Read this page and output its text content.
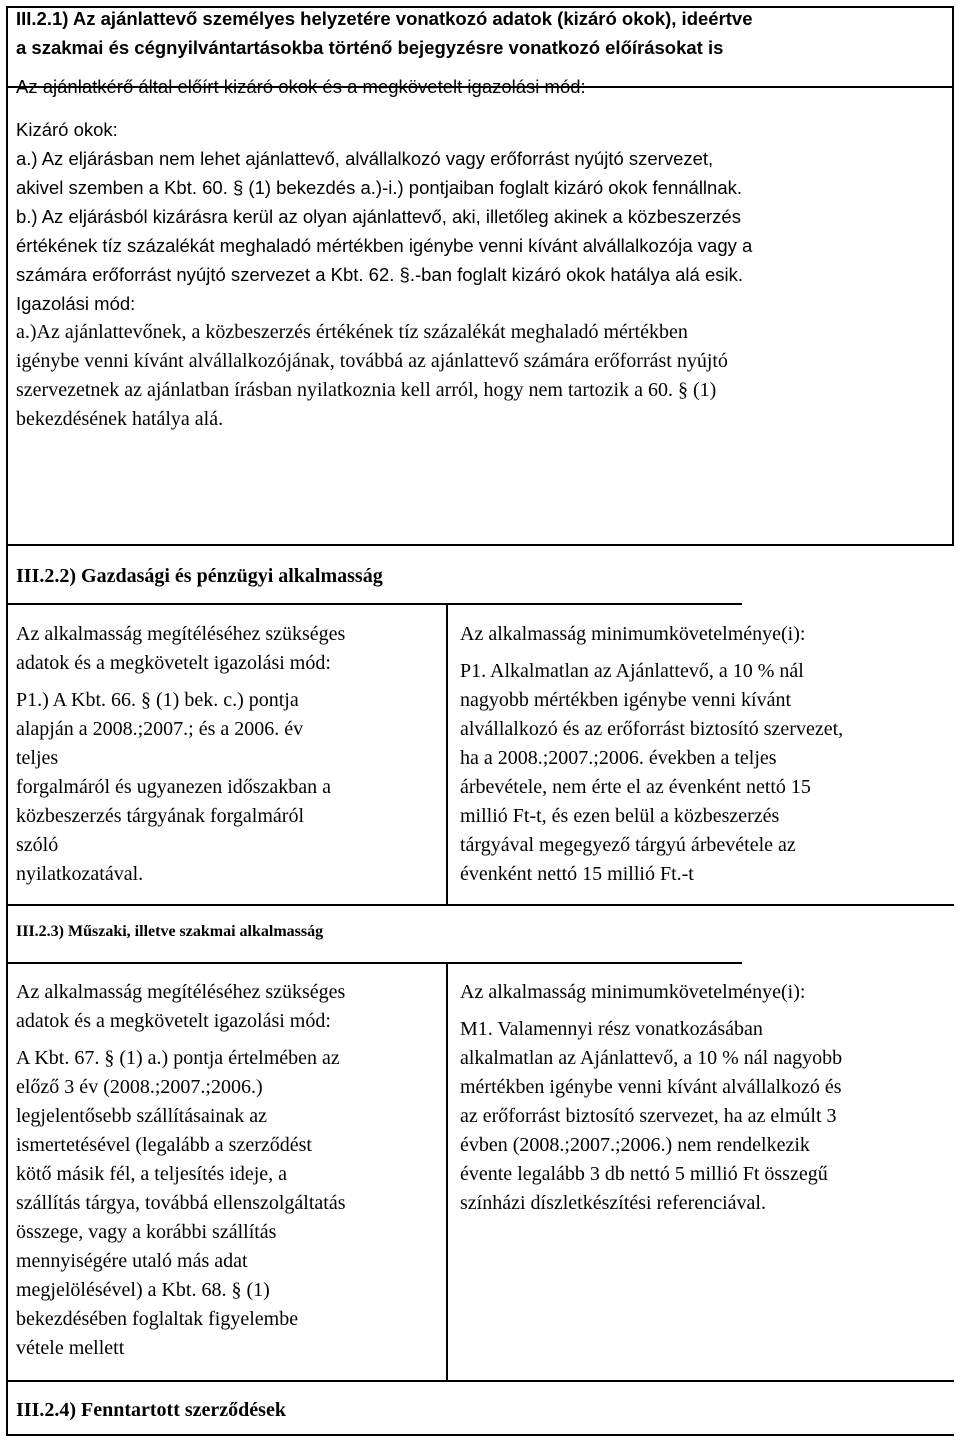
III.2.1) Az ajánlattevő személyes helyzetére vonatkozó adatok (kizáró okok), ideértve
a szakmai és cégnyilvántartásokba történő bejegyzésre vonatkozó előírásokat is
Az ajánlatkérő által előírt kizáró okok és a megkövetelt igazolási mód:
Kizáró okok:
a.) Az eljárásban nem lehet ajánlattevő, alvállalkozó vagy erőforrást nyújtó szervezet,
akivel szemben a Kbt. 60. § (1) bekezdés a.)-i.) pontjaiban foglalt kizáró okok fennállnak.
b.) Az eljárásból kizárásra kerül az olyan ajánlattevő, aki, illetőleg akinek a közbeszerzés
értékének tíz százalékát meghaladó mértékben igénybe venni kívánt alvállalkozója vagy a
számára erőforrást nyújtó szervezet a Kbt. 62. §.-ban foglalt kizáró okok hatálya alá esik.
Igazolási mód:
a.)Az ajánlattevőnek, a közbeszerzés értékének tíz százalékát meghaladó mértékben
igénybe venni kívánt alvállalkozójának, továbbá az ajánlattevő számára erőforrást nyújtó
szervezetnek az ajánlatban írásban nyilatkoznia kell arról, hogy nem tartozik a 60. § (1)
bekezdésének hatálya alá.
III.2.2) Gazdasági és pénzügyi alkalmasság
Az alkalmasság megítéléséhez szükséges
adatok és a megkövetelt igazolási mód:
P1.) A Kbt. 66. § (1) bek. c.) pontja
alapján a 2008.;2007.; és a 2006. év
teljes
forgalmáról és ugyanezen időszakban a
közbeszerzés tárgyának forgalmáról
szóló
nyilatkozatával.
Az alkalmasság minimumkövetelménye(i):
P1. Alkalmatlan az Ajánlattevő, a 10 % nál
nagyobb mértékben igénybe venni kívánt
alvállalkozó és az erőforrást biztosító szervezet,
ha a 2008.;2007.;2006. években a teljes
árbevétele, nem érte el az évenként nettó 15
millió Ft-t, és ezen belül a közbeszerzés
tárgyával megegyező tárgyú árbevétele az
évenként nettó 15 millió Ft.-t
III.2.3) Műszaki, illetve szakmai alkalmasság
Az alkalmasság megítéléséhez szükséges
adatok és a megkövetelt igazolási mód:
A Kbt. 67. § (1) a.) pontja értelmében az
előző 3 év (2008.;2007.;2006.)
legjelentősebb szállításainak az
ismertetésével (legalább a szerződést
kötő másik fél, a teljesítés ideje, a
szállítás tárgya, továbbá ellenszolgáltatás
összege, vagy a korábbi szállítás
mennyiségére utaló más adat
megjelölésével) a Kbt. 68. § (1)
bekezdésében foglaltak figyelembe
vétele mellett
Az alkalmasság minimumkövetelménye(i):
M1. Valamennyi rész vonatkozásában
alkalmatlan az Ajánlattevő, a 10 % nál nagyobb
mértékben igénybe venni kívánt alvállalkozó és
az erőforrást biztosító szervezet, ha az elmúlt 3
évben (2008.;2007.;2006.) nem rendelkezik
évente legalább 3 db nettó 5 millió Ft összegű
színházi díszletkészítési referenciával.
III.2.4) Fenntartott szerződések
